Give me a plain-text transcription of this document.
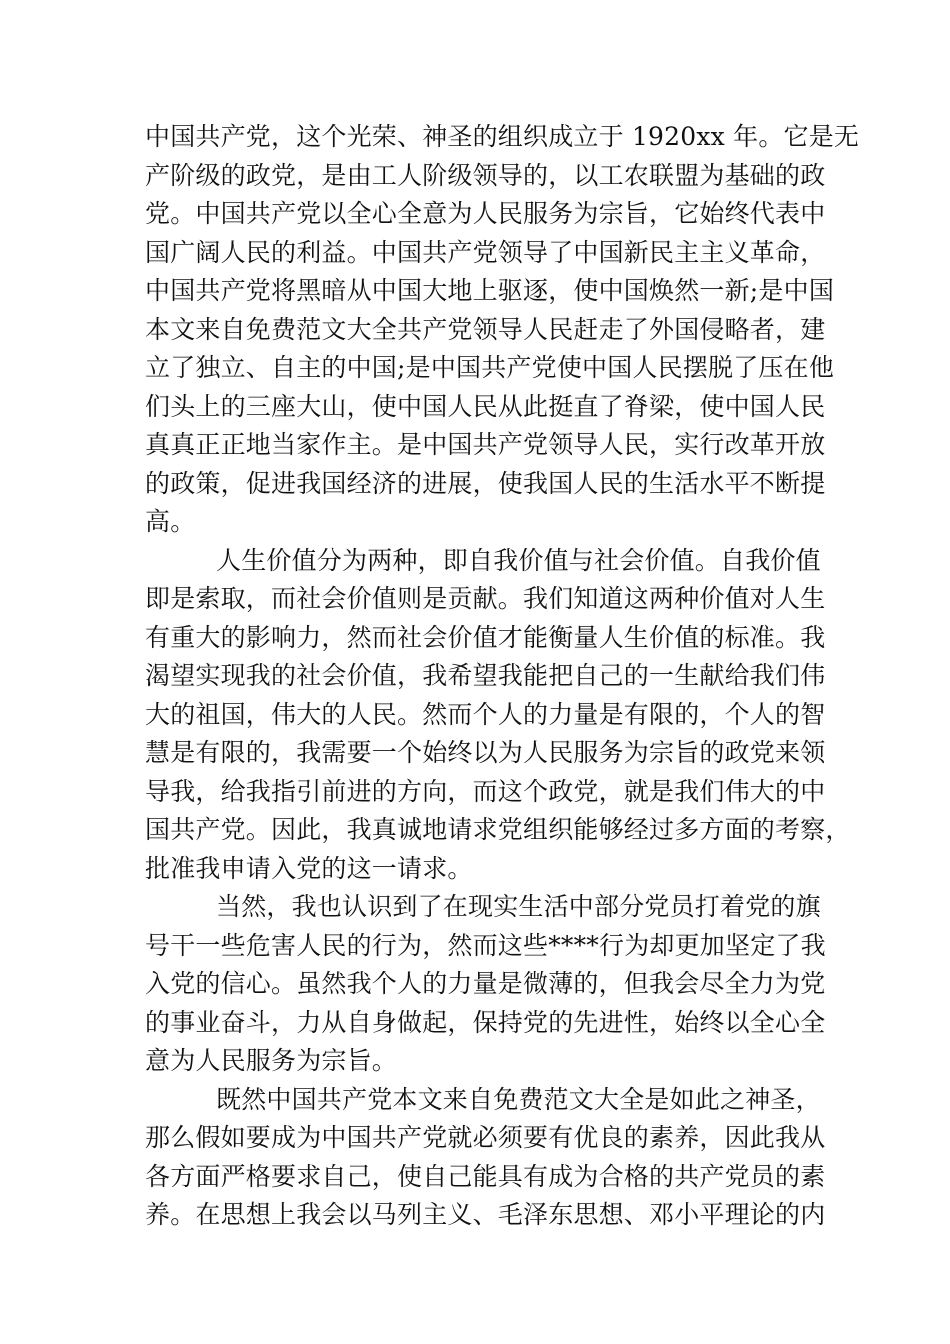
中国共产党，这个光荣、神圣的组织成立于 1920xx 年。它是无
产阶级的政党，是由工人阶级领导的，以工农联盟为基础的政
党。中国共产党以全心全意为人民服务为宗旨，它始终代表中
国广阔人民的利益。中国共产党领导了中国新民主主义革命，
中国共产党将黑暗从中国大地上驱逐，使中国焕然一新;是中国
本文来自免费范文大全共产党领导人民赶走了外国侵略者，建
立了独立、自主的中国;是中国共产党使中国人民摆脱了压在他
们头上的三座大山，使中国人民从此挺直了脊梁，使中国人民
真真正正地当家作主。是中国共产党领导人民，实行改革开放
的政策，促进我国经济的进展，使我国人民的生活水平不断提
高。
人生价值分为两种，即自我价值与社会价值。自我价值
即是索取，而社会价值则是贡献。我们知道这两种价值对人生
有重大的影响力，然而社会价值才能衡量人生价值的标准。我
渴望实现我的社会价值，我希望我能把自己的一生献给我们伟
大的祖国，伟大的人民。然而个人的力量是有限的，个人的智
慧是有限的，我需要一个始终以为人民服务为宗旨的政党来领
导我，给我指引前进的方向，而这个政党，就是我们伟大的中
国共产党。因此，我真诚地请求党组织能够经过多方面的考察，
批准我申请入党的这一请求。
当然，我也认识到了在现实生活中部分党员打着党的旗
号干一些危害人民的行为，然而这些****行为却更加坚定了我
入党的信心。虽然我个人的力量是微薄的，但我会尽全力为党
的事业奋斗，力从自身做起，保持党的先进性，始终以全心全
意为人民服务为宗旨。
既然中国共产党本文来自免费范文大全是如此之神圣，
那么假如要成为中国共产党就必须要有优良的素养，因此我从
各方面严格要求自己，使自己能具有成为合格的共产党员的素
养。在思想上我会以马列主义、毛泽东思想、邓小平理论的内
